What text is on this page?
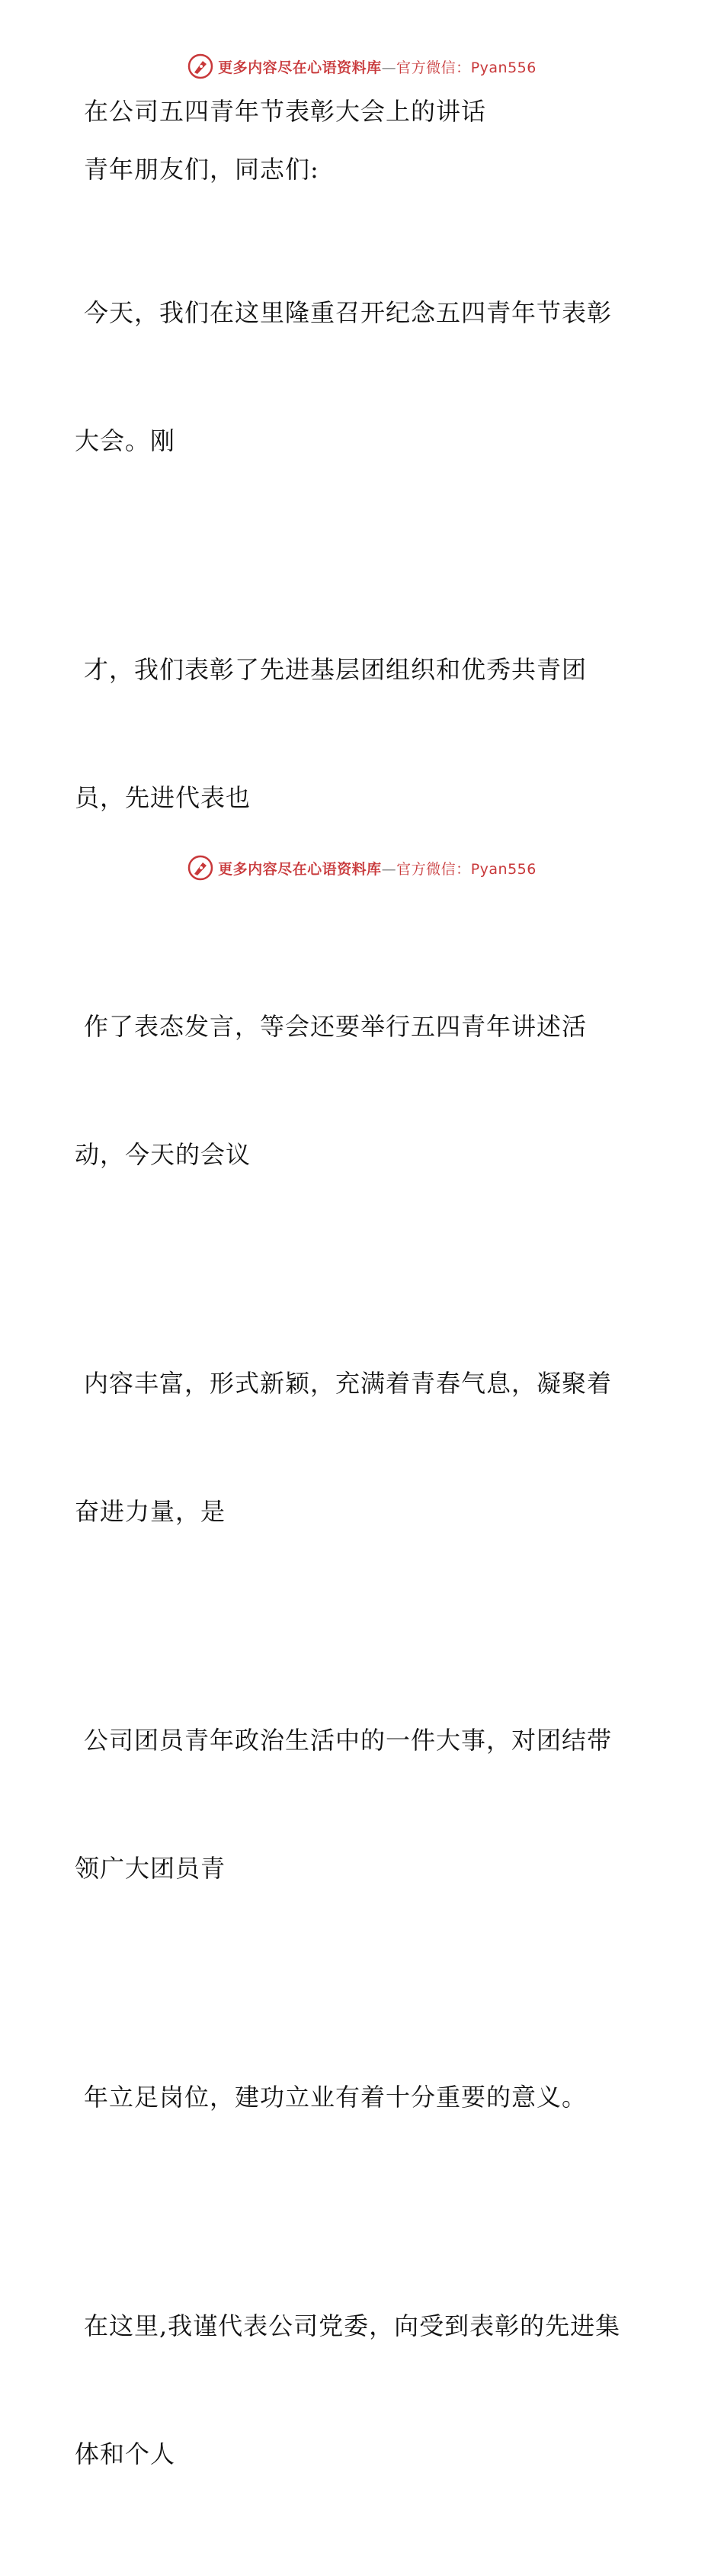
更多内容尽在心语资料库—官方微信：Pyan556

在公司五四青年节表彰大会上的讲话

青年朋友们，同志们:

今天，我们在这里隆重召开纪念五四青年节表彰

大会。刚

才，我们表彰了先进基层团组织和优秀共青团

员，先进代表也

作了表态发言，等会还要举行五四青年讲述活

动，今天的会议

内容丰富，形式新颖，充满着青春气息，凝聚着

奋进力量，是

公司团员青年政治生活中的一件大事，对团结带

领广大团员青

年立足岗位，建功立业有着十分重要的意义。

在这里,我谨代表公司党委，向受到表彰的先进集

体和个人

更多内容尽在心语资料库—官方微信：Pyan556
